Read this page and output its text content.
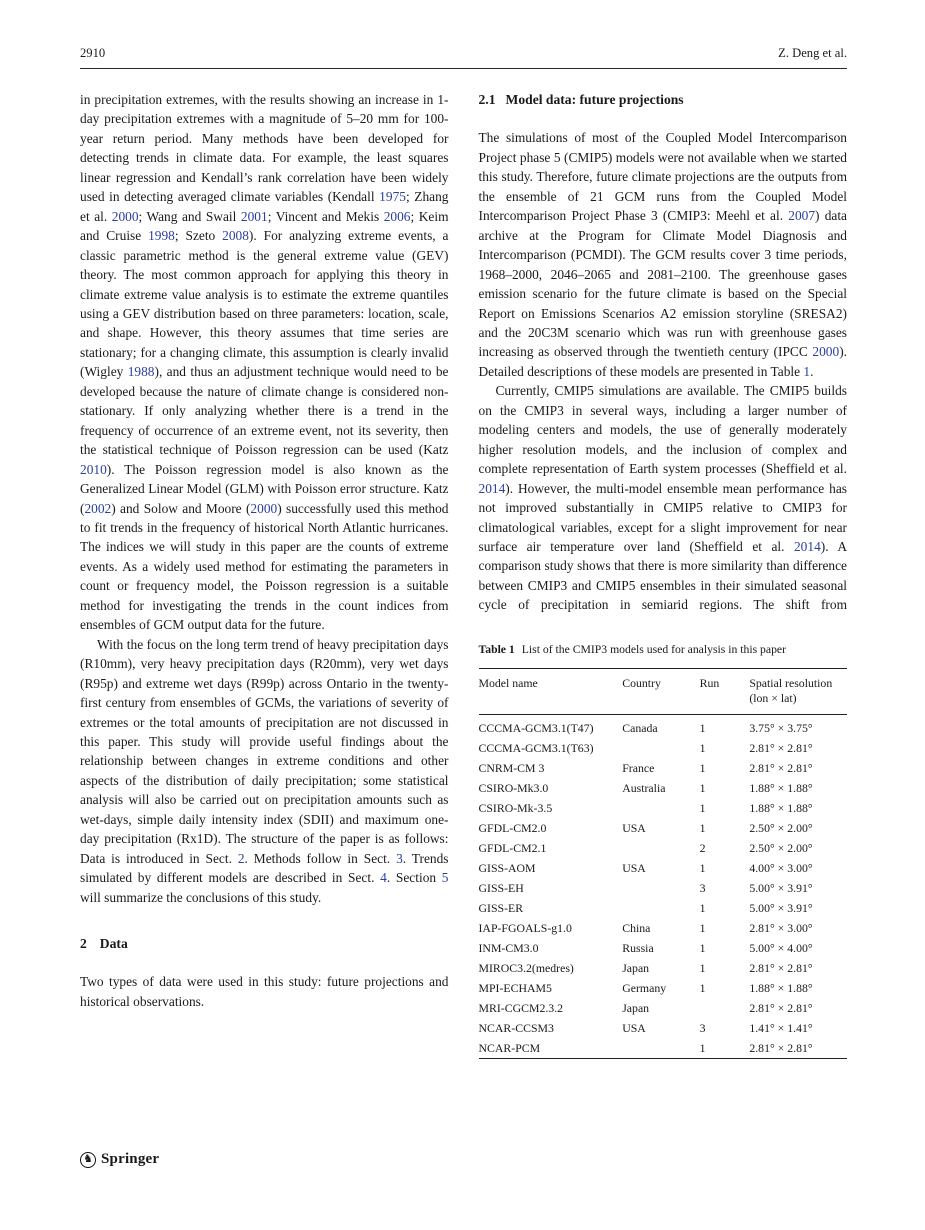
2910	Z. Deng et al.

in precipitation extremes, with the results showing an increase in 1-day precipitation extremes with a magnitude of 5–20 mm for 100-year return period. Many methods have been developed for detecting trends in climate data. For example, the least squares linear regression and Kendall’s rank correlation have been widely used in detecting averaged climate variables (Kendall 1975; Zhang et al. 2000; Wang and Swail 2001; Vincent and Mekis 2006; Keim and Cruise 1998; Szeto 2008). For analyzing extreme events, a classic parametric method is the general extreme value (GEV) theory. The most common approach for applying this theory in climate extreme value analysis is to estimate the extreme quantiles using a GEV distribution based on three parameters: location, scale, and shape. However, this theory assumes that time series are stationary; for a changing climate, this assumption is clearly invalid (Wigley 1988), and thus an adjustment technique would need to be developed because the nature of climate change is considered non-stationary. If only analyzing whether there is a trend in the frequency of occurrence of an extreme event, not its severity, then the statistical technique of Poisson regression can be used (Katz 2010). The Poisson regression model is also known as the Generalized Linear Model (GLM) with Poisson error structure. Katz (2002) and Solow and Moore (2000) successfully used this method to fit trends in the frequency of historical North Atlantic hurricanes. The indices we will study in this paper are the counts of extreme events. As a widely used method for estimating the parameters in count or frequency model, the Poisson regression is a suitable method for investigating the trends in the count indices from ensembles of GCM output data for the future.

With the focus on the long term trend of heavy precipitation days (R10mm), very heavy precipitation days (R20mm), very wet days (R95p) and extreme wet days (R99p) across Ontario in the twenty-first century from ensembles of GCMs, the variations of severity of extremes or the total amounts of precipitation are not discussed in this paper. This study will provide useful findings about the relationship between changes in extreme conditions and other aspects of the distribution of daily precipitation; some statistical analysis will also be carried out on precipitation amounts such as wet-days, simple daily intensity index (SDII) and maximum one-day precipitation (Rx1D). The structure of the paper is as follows: Data is introduced in Sect. 2. Methods follow in Sect. 3. Trends simulated by different models are described in Sect. 4. Section 5 will summarize the conclusions of this study.

2 Data

Two types of data were used in this study: future projections and historical observations.

2.1 Model data: future projections

The simulations of most of the Coupled Model Intercomparison Project phase 5 (CMIP5) models were not available when we started this study. Therefore, future climate projections are the outputs from the ensemble of 21 GCM runs from the Coupled Model Intercomparison Project Phase 3 (CMIP3: Meehl et al. 2007) data archive at the Program for Climate Model Diagnosis and Intercomparison (PCMDI). The GCM results cover 3 time periods, 1968–2000, 2046–2065 and 2081–2100. The greenhouse gases emission scenario for the future climate is based on the Special Report on Emissions Scenarios A2 emission storyline (SRESA2) and the 20C3M scenario which was run with greenhouse gases increasing as observed through the twentieth century (IPCC 2000). Detailed descriptions of these models are presented in Table 1.

Currently, CMIP5 simulations are available. The CMIP5 builds on the CMIP3 in several ways, including a larger number of modeling centers and models, the use of generally moderately higher resolution models, and the inclusion of complex and complete representation of Earth system processes (Sheffield et al. 2014). However, the multi-model ensemble mean performance has not improved substantially in CMIP5 relative to CMIP3 for climatological variables, except for a slight improvement for near surface air temperature over land (Sheffield et al. 2014). A comparison study shows that there is more similarity than difference between CMIP3 and CMIP5 ensembles in their simulated seasonal cycle of precipitation in semiarid regions. The shift from

Table 1 List of the CMIP3 models used for analysis in this paper
Model name	Country	Run	Spatial resolution (lon × lat)
CCCMA-GCM3.1(T47)	Canada	1	3.75° × 3.75°
CCCMA-GCM3.1(T63)		1	2.81° × 2.81°
CNRM-CM 3	France	1	2.81° × 2.81°
CSIRO-Mk3.0	Australia	1	1.88° × 1.88°
CSIRO-Mk-3.5		1	1.88° × 1.88°
GFDL-CM2.0	USA	1	2.50° × 2.00°
GFDL-CM2.1		2	2.50° × 2.00°
GISS-AOM	USA	1	4.00° × 3.00°
GISS-EH		3	5.00° × 3.91°
GISS-ER		1	5.00° × 3.91°
IAP-FGOALS-g1.0	China	1	2.81° × 3.00°
INM-CM3.0	Russia	1	5.00° × 4.00°
MIROC3.2(medres)	Japan	1	2.81° × 2.81°
MPI-ECHAM5	Germany	1	1.88° × 1.88°
MRI-CGCM2.3.2	Japan		2.81° × 2.81°
NCAR-CCSM3	USA	3	1.41° × 1.41°
NCAR-PCM		1	2.81° × 2.81°
♞ Springer
